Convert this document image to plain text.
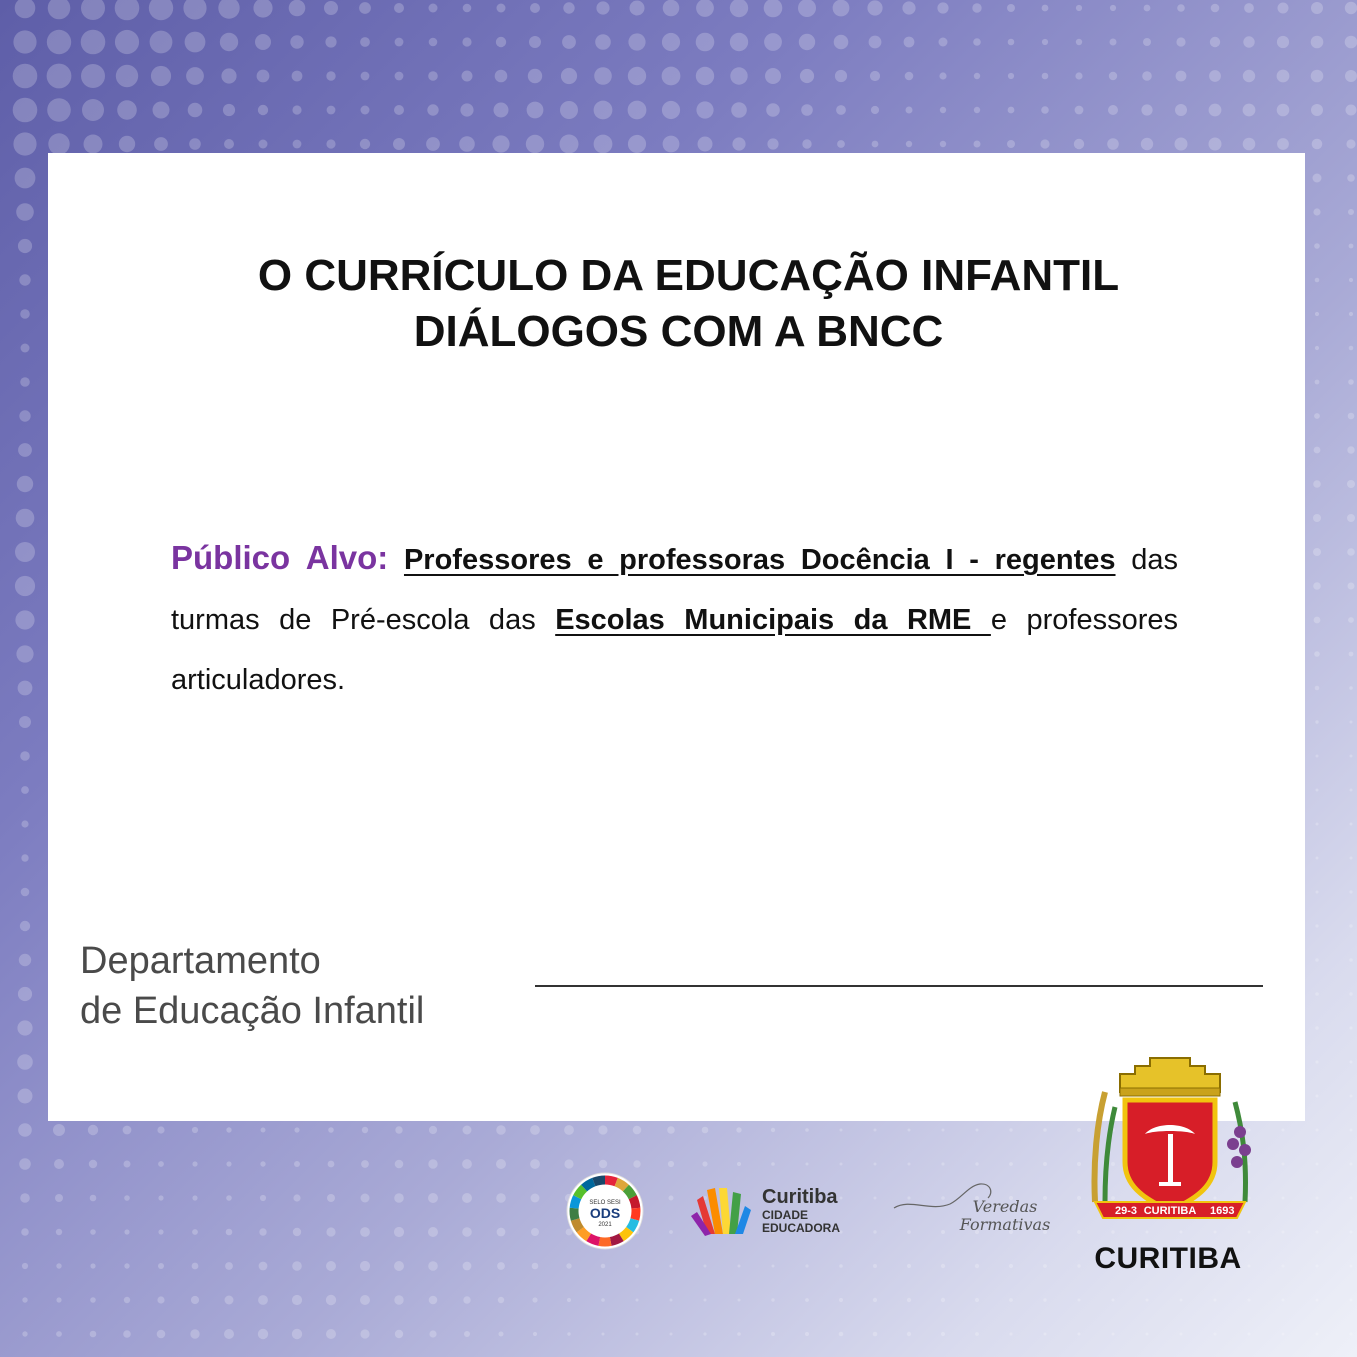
O CURRÍCULO DA EDUCAÇÃO INFANTIL
DIÁLOGOS COM A BNCC

Público Alvo: Professores e professoras Docência I - regentes das turmas de Pré-escola das Escolas Municipais da RME e professores articuladores.

Departamento
de Educação Infantil

SELO SESI
ODS
2021
Curitiba
CIDADE
EDUCADORA
Veredas
Formativas
29-3 CURITIBA 1693
CURITIBA
